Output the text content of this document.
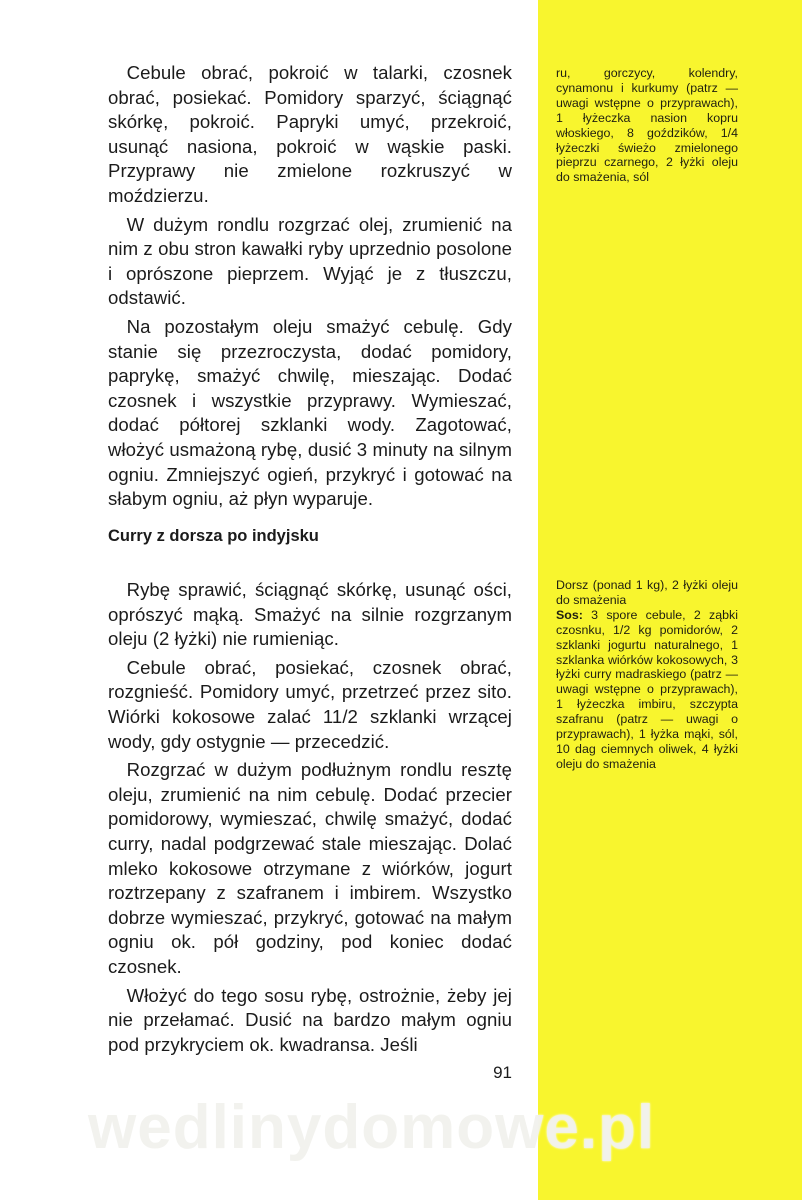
Cebule obrać, pokroić w talarki, czosnek obrać, posiekać. Pomidory sparzyć, ściągnąć skórkę, pokroić. Papryki umyć, przekroić, usunąć nasiona, pokroić w wąskie paski. Przyprawy nie zmielone rozkruszyć w moździerzu.

W dużym rondlu rozgrzać olej, zrumienić na nim z obu stron kawałki ryby uprzednio posolone i oprószone pieprzem. Wyjąć je z tłuszczu, odstawić.

Na pozostałym oleju smażyć cebulę. Gdy stanie się przezroczysta, dodać pomidory, paprykę, smażyć chwilę, mieszając. Dodać czosnek i wszystkie przyprawy. Wymieszać, dodać półtorej szklanki wody. Zagotować, włożyć usmażoną rybę, dusić 3 minuty na silnym ogniu. Zmniejszyć ogień, przykryć i gotować na słabym ogniu, aż płyn wyparuje.

ru, gorczycy, kolendry, cynamonu i kurkumy (patrz — uwagi wstępne o przyprawach), 1 łyżeczka nasion kopru włoskiego, 8 goździków, 1/4 łyżeczki świeżo zmielonego pieprzu czarnego, 2 łyżki oleju do smażenia, sól
Curry z dorsza po indyjsku

Rybę sprawić, ściągnąć skórkę, usunąć ości, oprószyć mąką. Smażyć na silnie rozgrzanym oleju (2 łyżki) nie rumieniąc.

Cebule obrać, posiekać, czosnek obrać, rozgnieść. Pomidory umyć, przetrzeć przez sito. Wiórki kokosowe zalać 11/2 szklanki wrzącej wody, gdy ostygnie — przecedzić.

Rozgrzać w dużym podłużnym rondlu resztę oleju, zrumienić na nim cebulę. Dodać przecier pomidorowy, wymieszać, chwilę smażyć, dodać curry, nadal podgrzewać stale mieszając. Dolać mleko kokosowe otrzymane z wiórków, jogurt roztrzepany z szafranem i imbirem. Wszystko dobrze wymieszać, przykryć, gotować na małym ogniu ok. pół godziny, pod koniec dodać czosnek.

Włożyć do tego sosu rybę, ostrożnie, żeby jej nie przełamać. Dusić na bardzo małym ogniu pod przykryciem ok. kwadransa. Jeśli

Dorsz (ponad 1 kg), 2 łyżki oleju do smażenia
Sos: 3 spore cebule, 2 ząbki czosnku, 1/2 kg pomidorów, 2 szklanki jogurtu naturalnego, 1 szklanka wiórków kokosowych, 3 łyżki curry madraskiego (patrz — uwagi wstępne o przyprawach), 1 łyżeczka imbiru, szczypta szafranu (patrz — uwagi o przyprawach), 1 łyżka mąki, sól, 10 dag ciemnych oliwek, 4 łyżki oleju do smażenia
91
wedlinydomowe.pl
